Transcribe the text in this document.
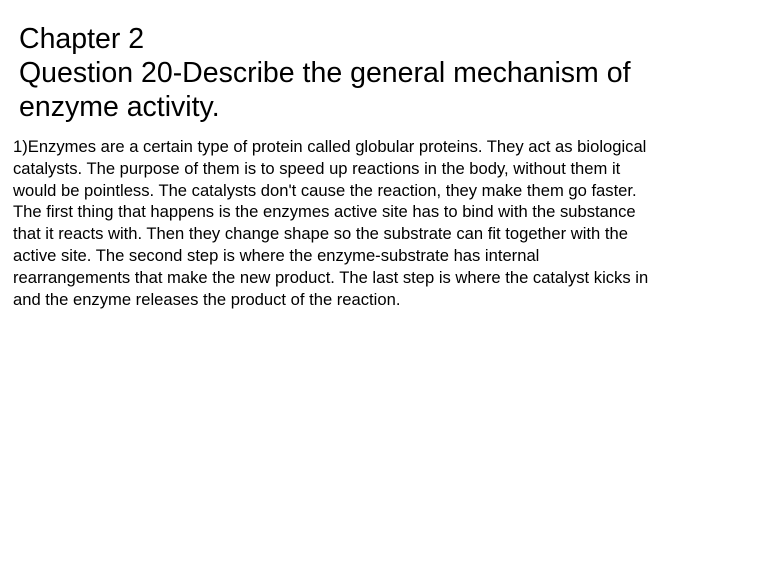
Chapter 2

Question 20-Describe the general mechanism of

enzyme activity.

1)Enzymes are a certain type of protein called globular proteins. They act as biological

catalysts. The purpose of them is to speed up reactions in the body, without them it

would be pointless. The catalysts don't cause the reaction, they make them go faster.

The first thing that happens is the enzymes active site has to bind with the substance

that it reacts with. Then they change shape so the substrate can fit together with the

active site. The second step is where the enzyme-substrate has internal

rearrangements that make the new product. The last step is where the catalyst kicks in

and the enzyme releases the product of the reaction.
